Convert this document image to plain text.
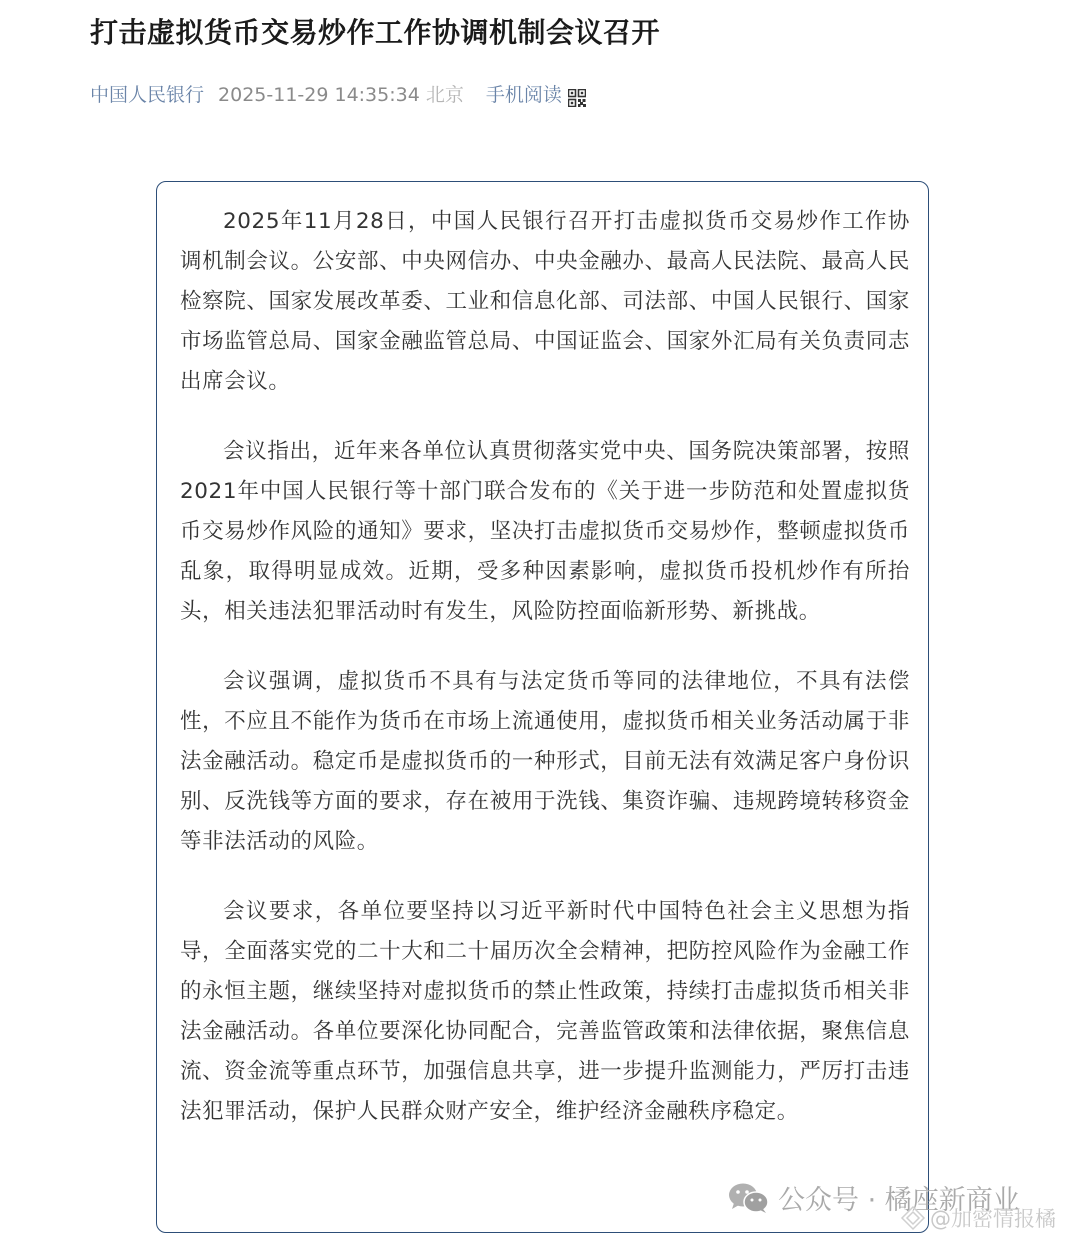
打击虚拟货币交易炒作工作协调机制会议召开
中国人民银行 2025-11-29 14:35:34 北京 手机阅读

2025年11月28日，中国人民银行召开打击虚拟货币交易炒作工作协调机制会议。公安部、中央网信办、中央金融办、最高人民法院、最高人民检察院、国家发展改革委、工业和信息化部、司法部、中国人民银行、国家市场监管总局、国家金融监管总局、中国证监会、国家外汇局有关负责同志出席会议。

会议指出，近年来各单位认真贯彻落实党中央、国务院决策部署，按照2021年中国人民银行等十部门联合发布的《关于进一步防范和处置虚拟货币交易炒作风险的通知》要求，坚决打击虚拟货币交易炒作，整顿虚拟货币乱象，取得明显成效。近期，受多种因素影响，虚拟货币投机炒作有所抬头，相关违法犯罪活动时有发生，风险防控面临新形势、新挑战。

会议强调，虚拟货币不具有与法定货币等同的法律地位，不具有法偿性，不应且不能作为货币在市场上流通使用，虚拟货币相关业务活动属于非法金融活动。稳定币是虚拟货币的一种形式，目前无法有效满足客户身份识别、反洗钱等方面的要求，存在被用于洗钱、集资诈骗、违规跨境转移资金等非法活动的风险。

会议要求，各单位要坚持以习近平新时代中国特色社会主义思想为指导，全面落实党的二十大和二十届历次全会精神，把防控风险作为金融工作的永恒主题，继续坚持对虚拟货币的禁止性政策，持续打击虚拟货币相关非法金融活动。各单位要深化协同配合，完善监管政策和法律依据，聚焦信息流、资金流等重点环节，加强信息共享，进一步提升监测能力，严厉打击违法犯罪活动，保护人民群众财产安全，维护经济金融秩序稳定。

公众号 · 橘座新商业
@加密情报橘
